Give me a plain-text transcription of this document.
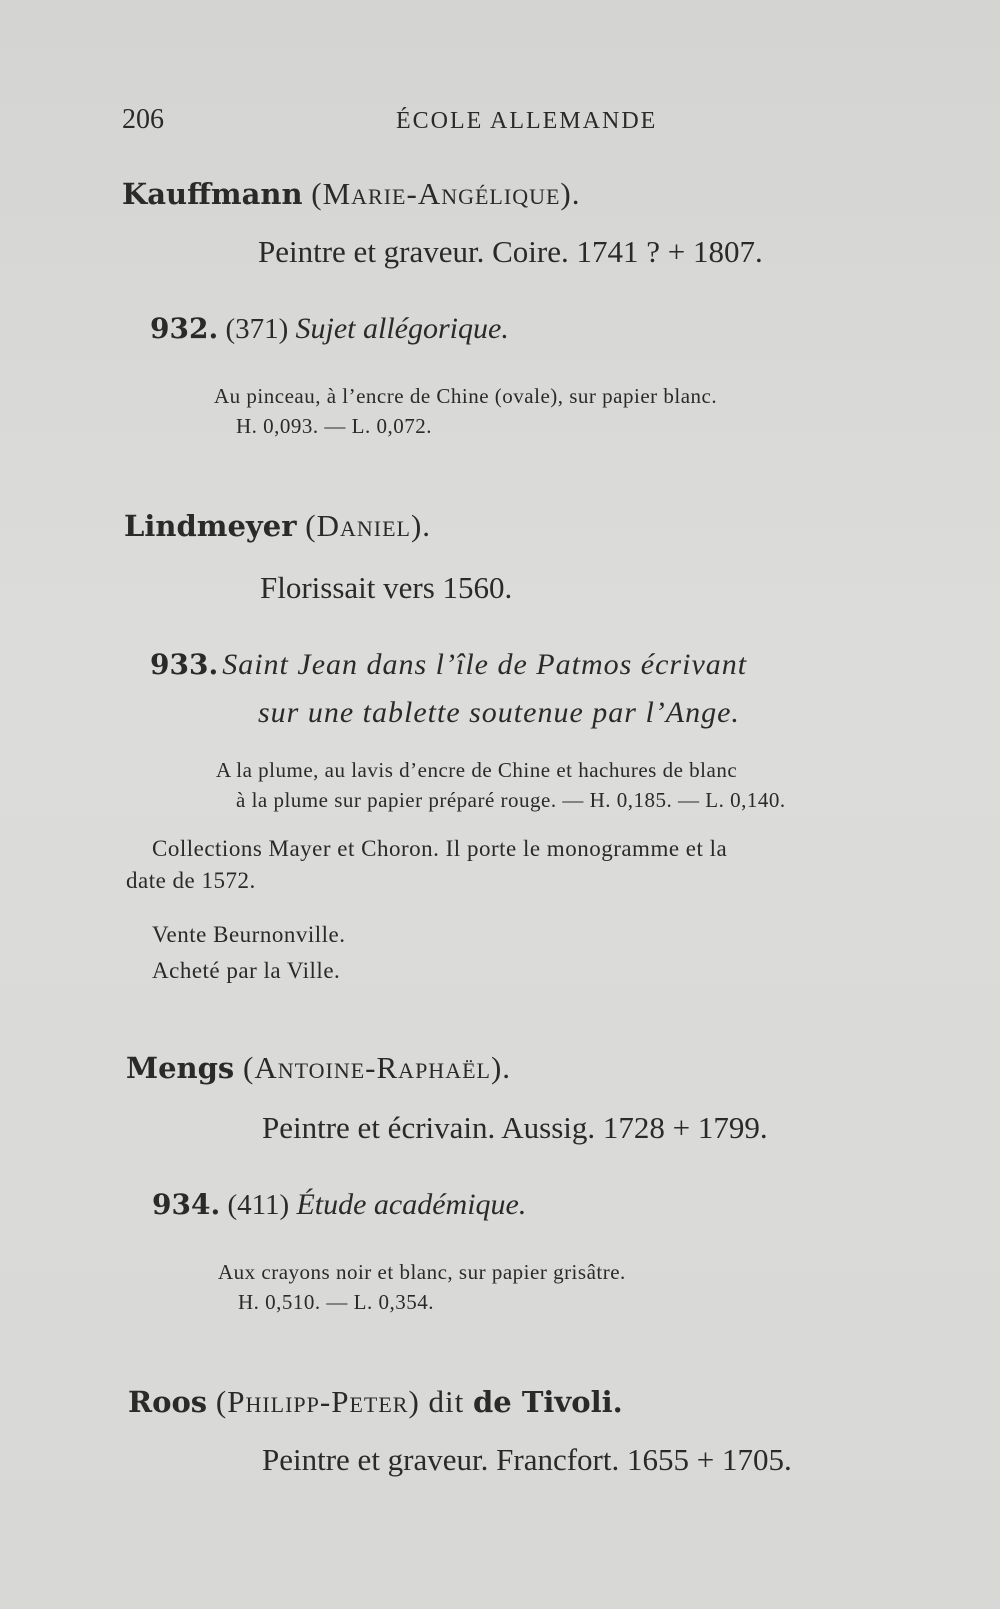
206	ÉCOLE ALLEMANDE
Kauffmann (Marie-Angélique).
Peintre et graveur. Coire. 1741 ? + 1807.
932. (371) Sujet allégorique.
Au pinceau, à l’encre de Chine (ovale), sur papier blanc.
H. 0,093. — L. 0,072.
Lindmeyer (Daniel).
Florissait vers 1560.
933. Saint Jean dans l’île de Patmos écrivant
sur une tablette soutenue par l’Ange.
A la plume, au lavis d’encre de Chine et hachures de blanc
à la plume sur papier préparé rouge. — H. 0,185. — L. 0,140.
Collections Mayer et Choron. Il porte le monogramme et la
date de 1572.
Vente Beurnonville.
Acheté par la Ville.
Mengs (Antoine-Raphaël).
Peintre et écrivain. Aussig. 1728 + 1799.
934. (411) Étude académique.
Aux crayons noir et blanc, sur papier grisâtre.
H. 0,510. — L. 0,354.
Roos (Philipp-Peter) dit de Tivoli.
Peintre et graveur. Francfort. 1655 + 1705.
